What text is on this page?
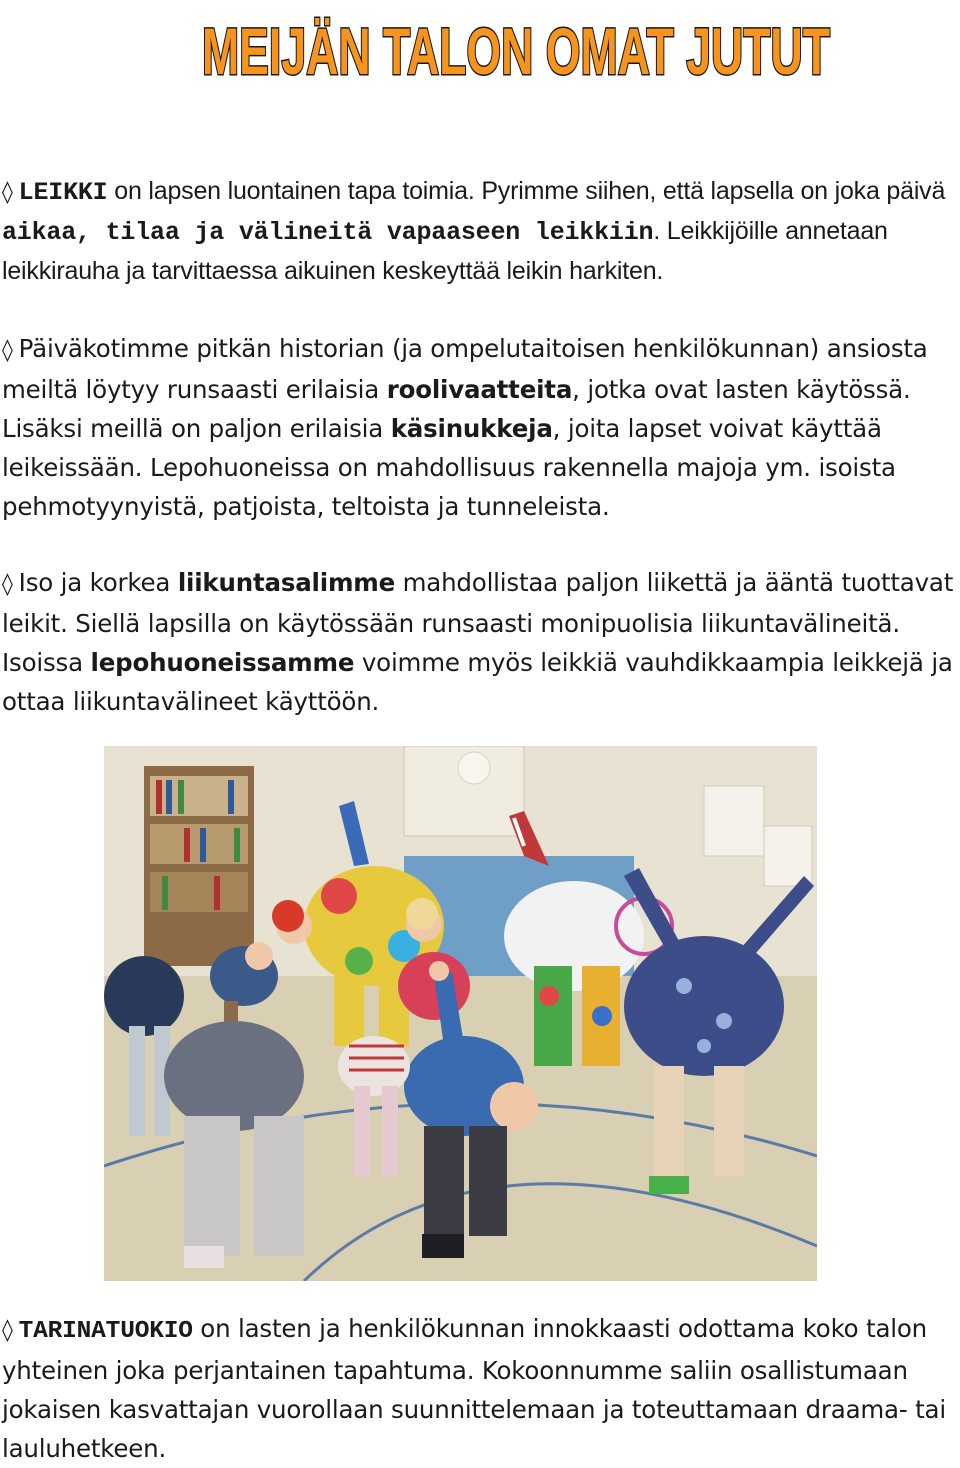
MEIJÄN TALON OMAT JUTUT

◊ LEIKKI on lapsen luontainen tapa toimia. Pyrimme siihen, että lapsella on joka päivä aikaa, tilaa ja välineitä vapaaseen leikkiin. Leikkijöille annetaan leikkirauha ja tarvittaessa aikuinen keskeyttää leikin harkiten.

◊ Päiväkotimme pitkän historian (ja ompelutaitoisen henkilökunnan) ansiosta meiltä löytyy runsaasti erilaisia roolivaatteita, jotka ovat lasten käytössä. Lisäksi meillä on paljon erilaisia käsinukkeja, joita lapset voivat käyttää leikeissään. Lepohuoneissa on mahdollisuus rakennella majoja ym. isoista pehmotyynyistä, patjoista, teltoista ja tunneleista.

◊ Iso ja korkea liikuntasalimme mahdollistaa paljon liikettä ja ääntä tuottavat leikit. Siellä lapsilla on käytössään runsaasti monipuolisia liikuntavälineitä. Isoissa lepohuoneissamme voimme myös leikkiä vauhdikkaampia leikkejä ja ottaa liikuntavälineet käyttöön.

◊ TARINATUOKIO on lasten ja henkilökunnan innokkaasti odottama koko talon yhteinen joka perjantainen tapahtuma. Kokoonnumme saliin osallistumaan jokaisen kasvattajan vuorollaan suunnittelemaan ja toteuttamaan draama- tai lauluhetkeen.
